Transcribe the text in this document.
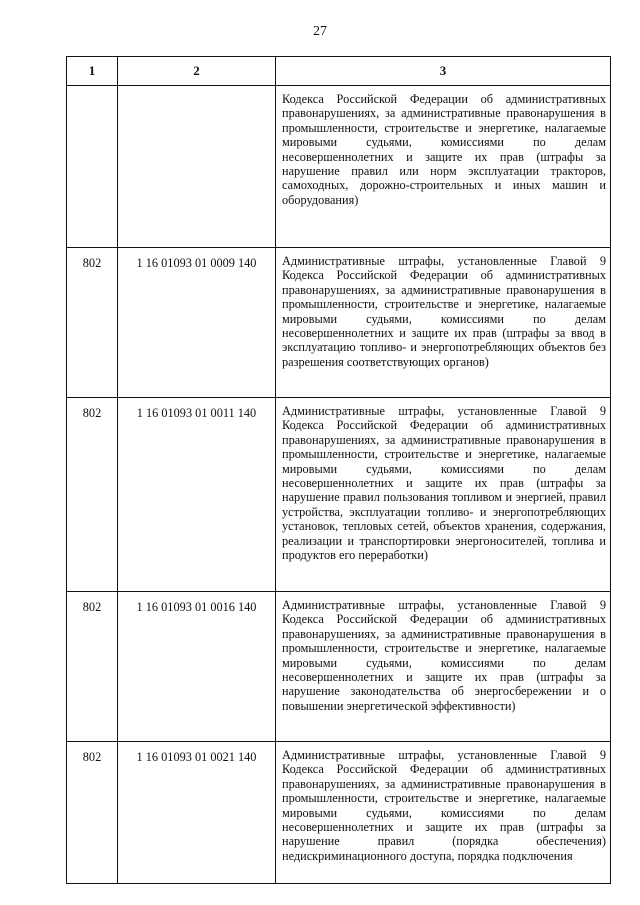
27
1	2	3
		Кодекса Российской Федерации об административных правонарушениях, за административные правонарушения в промышленности, строительстве и энергетике, налагаемые мировыми судьями, комиссиями по делам несовершеннолетних и защите их прав (штрафы за нарушение правил или норм эксплуатации тракторов, самоходных, дорожно-строительных и иных машин и оборудования)
802	1 16 01093 01 0009 140	Административные штрафы, установленные Главой 9 Кодекса Российской Федерации об административных правонарушениях, за административные правонарушения в промышленности, строительстве и энергетике, налагаемые мировыми судьями, комиссиями по делам несовершеннолетних и защите их прав (штрафы за ввод в эксплуатацию топливо- и энергопотребляющих объектов без разрешения соответствующих органов)
802	1 16 01093 01 0011 140	Административные штрафы, установленные Главой 9 Кодекса Российской Федерации об административных правонарушениях, за административные правонарушения в промышленности, строительстве и энергетике, налагаемые мировыми судьями, комиссиями по делам несовершеннолетних и защите их прав (штрафы за нарушение правил пользования топливом и энергией, правил устройства, эксплуатации топливо- и энергопотребляющих установок, тепловых сетей, объектов хранения, содержания, реализации и транспортировки энергоносителей, топлива и продуктов его переработки)
802	1 16 01093 01 0016 140	Административные штрафы, установленные Главой 9 Кодекса Российской Федерации об административных правонарушениях, за административные правонарушения в промышленности, строительстве и энергетике, налагаемые мировыми судьями, комиссиями по делам несовершеннолетних и защите их прав (штрафы за нарушение законодательства об энергосбережении и о повышении энергетической эффективности)
802	1 16 01093 01 0021 140	Административные штрафы, установленные Главой 9 Кодекса Российской Федерации об административных правонарушениях, за административные правонарушения в промышленности, строительстве и энергетике, налагаемые мировыми судьями, комиссиями по делам несовершеннолетних и защите их прав (штрафы за нарушение правил (порядка обеспечения) недискриминационного доступа, порядка подключения
